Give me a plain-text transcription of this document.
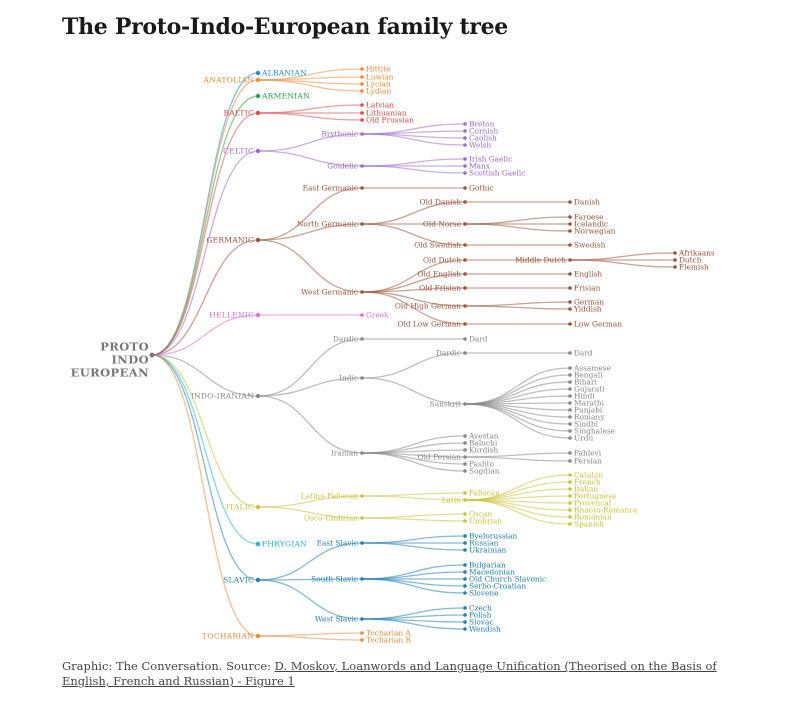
The Proto-Indo-European family tree
ALBANIAN
ANATOLIAN
Hittite
Luwian
Lycian
Lydian
ARMENIAN
BALTIC
Latvian
Lithuanian
Old Prussian
CELTIC
Brythonic
Breton
Cornish
Caolish
Welsh
Goidelic
Irish Gaelic
Manx
Scottish Gaelic
GERMANIC
East Germanic	Gothic
North Germanic
Old Danish	Danish
Old Norse
Faroese
Icelandic
Norwegian
Old Swedish	Swedish
West Germanic
Old Dutch	Middle Dutch
Afrikaans
Dutch
Flemish
Old English	English
Old Frisian	Frisian
Old High German	German
Yiddish
Old Low German	Low German
HELLENIC	Greek
INDO-IRANIAN
Dardic	Dard
Indic
Dardic	Dard
Sanskrit
Assamese
Bengali
Bihari
Gujarati
Hindi
Marathi
Punjabi
Romany
Sindhi
Singhalese
Urdu
Iranian
Avestan
Baluchi
Kurdish
Old Persian	Pahlevi
Persian
Pashto
Sogdian
ITALIC
Latino-Faliscan	Latin
Faliscan
Catalan
French
Italian
Portuguese
Provencal
Rhaeto-Romance
Romanian
Spanish
Osco-Umbrian	Oscan
Umbrian
PHRYGIAN
SLAVIC
East Slavic
Byelorussian
Russian
Ukrainian
South Slavic
Bulgarian
Macedonian
Old Church Slavonic
Serbo-Croatian
Slovene
West Slavic
Czech
Polish
Slovac
Wendish
TOCHARIAN	Tocharian A
Tocharian B
PROTO
INDO
EUROPEAN
Graphic: The Conversation. Source: D. Moskov, Loanwords and Language Unification (Theorised on the Basis of English, French and Russian) - Figure 1
